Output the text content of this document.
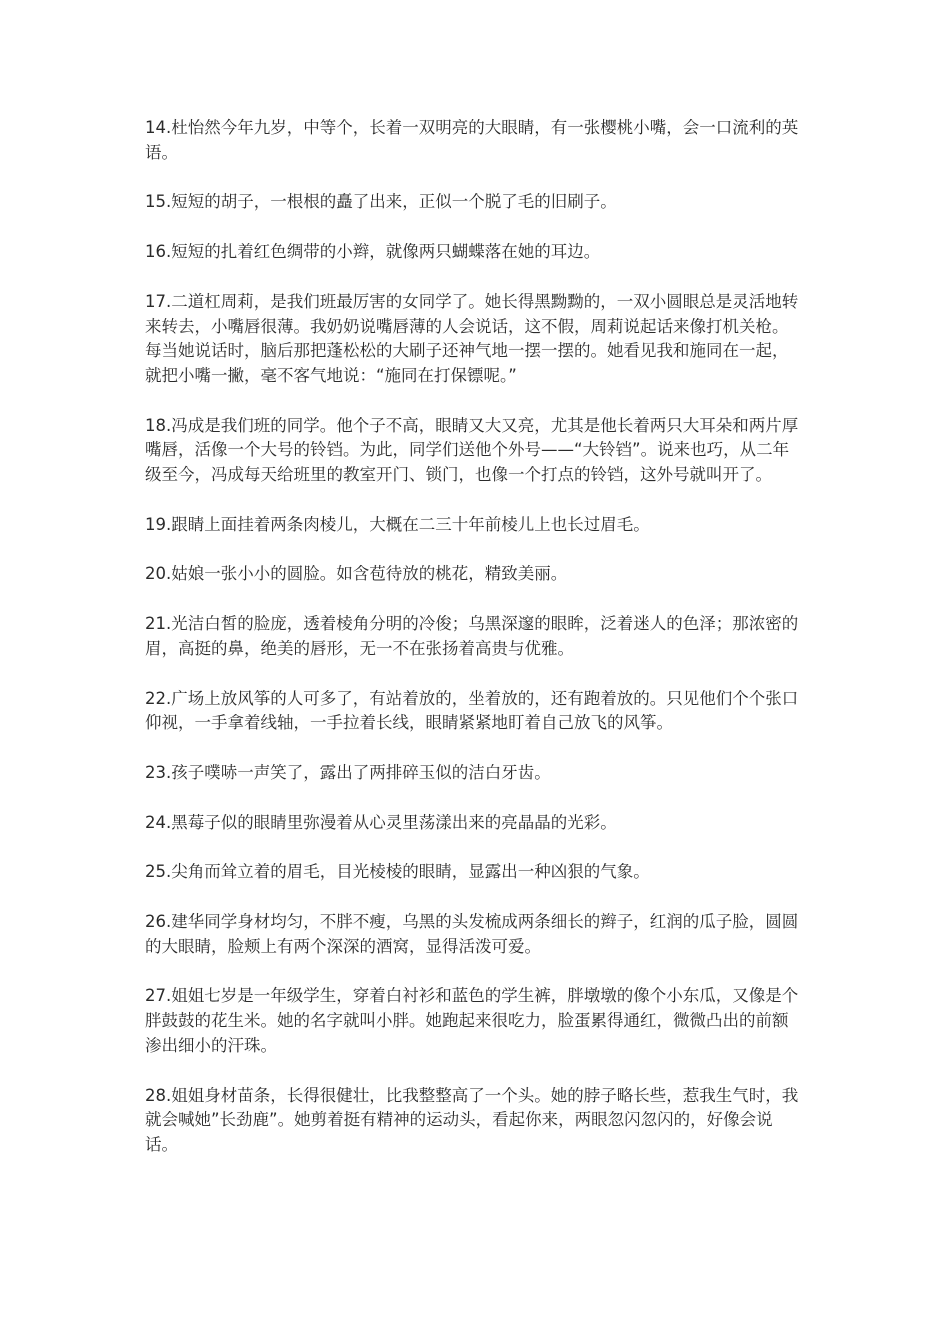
14.杜怡然今年九岁，中等个，长着一双明亮的大眼睛，有一张樱桃小嘴，会一口流利的英语。

15.短短的胡子，一根根的矗了出来，正似一个脱了毛的旧刷子。

16.短短的扎着红色绸带的小辫，就像两只蝴蝶落在她的耳边。

17.二道杠周莉，是我们班最厉害的女同学了。她长得黑黝黝的，一双小圆眼总是灵活地转来转去，小嘴唇很薄。我奶奶说嘴唇薄的人会说话，这不假，周莉说起话来像打机关枪。每当她说话时，脑后那把蓬松松的大刷子还神气地一摆一摆的。她看见我和施同在一起，就把小嘴一撇，毫不客气地说：“施同在打保镖呢。”

18.冯成是我们班的同学。他个子不高，眼睛又大又亮，尤其是他长着两只大耳朵和两片厚嘴唇，活像一个大号的铃铛。为此，同学们送他个外号——“大铃铛”。说来也巧，从二年级至今，冯成每天给班里的教室开门、锁门，也像一个打点的铃铛，这外号就叫开了。

19.跟睛上面挂着两条肉棱儿，大概在二三十年前棱儿上也长过眉毛。

20.姑娘一张小小的圆脸。如含苞待放的桃花，精致美丽。

21.光洁白皙的脸庞，透着棱角分明的冷俊；乌黑深邃的眼眸，泛着迷人的色泽；那浓密的眉，高挺的鼻，绝美的唇形，无一不在张扬着高贵与优雅。

22.广场上放风筝的人可多了，有站着放的，坐着放的，还有跑着放的。只见他们个个张口仰视，一手拿着线轴，一手拉着长线，眼睛紧紧地盯着自己放飞的风筝。

23.孩子噗哧一声笑了，露出了两排碎玉似的洁白牙齿。

24.黑莓子似的眼睛里弥漫着从心灵里荡漾出来的亮晶晶的光彩。

25.尖角而耸立着的眉毛，目光棱棱的眼睛，显露出一种凶狠的气象。

26.建华同学身材均匀，不胖不瘦，乌黑的头发梳成两条细长的辫子，红润的瓜子脸，圆圆的大眼睛，脸颊上有两个深深的酒窝，显得活泼可爱。

27.姐姐七岁是一年级学生，穿着白衬衫和蓝色的学生裤，胖墩墩的像个小东瓜，又像是个胖鼓鼓的花生米。她的名字就叫小胖。她跑起来很吃力，脸蛋累得通红，微微凸出的前额渗出细小的汗珠。

28.姐姐身材苗条，长得很健壮，比我整整高了一个头。她的脖子略长些，惹我生气时，我就会喊她”长劲鹿”。她剪着挺有精神的运动头，看起你来，两眼忽闪忽闪的，好像会说话。
